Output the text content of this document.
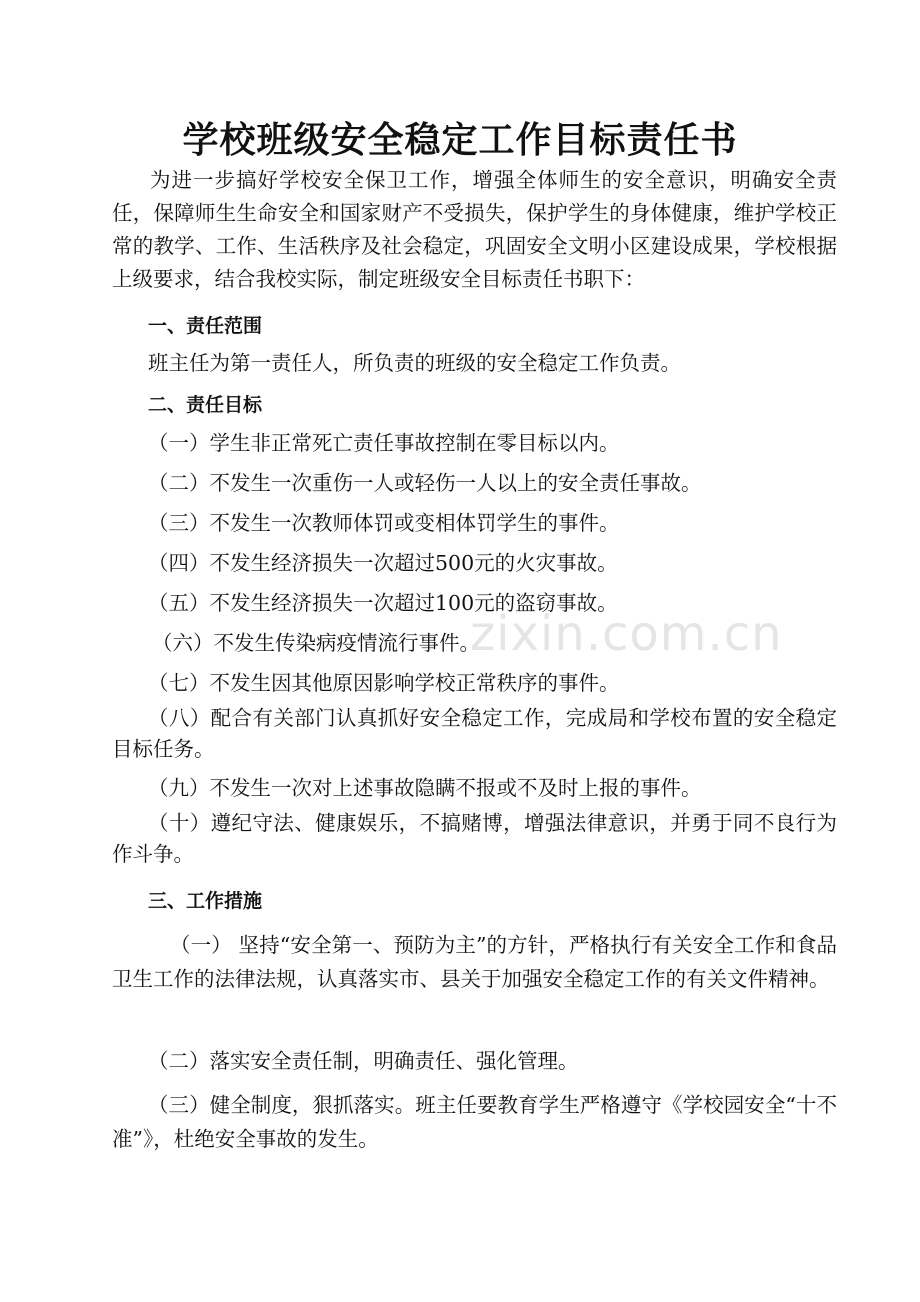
学校班级安全稳定工作目标责任书

为进一步搞好学校安全保卫工作，增强全体师生的安全意识，明确安全责任，保障师生生命安全和国家财产不受损失，保护学生的身体健康，维护学校正常的教学、工作、生活秩序及社会稳定，巩固安全文明小区建设成果，学校根据上级要求，结合我校实际，制定班级安全目标责任书职下：

一、责任范围
班主任为第一责任人，所负责的班级的安全稳定工作负责。
二、责任目标
（一）学生非正常死亡责任事故控制在零目标以内。
（二）不发生一次重伤一人或轻伤一人以上的安全责任事故。
（三）不发生一次教师体罚或变相体罚学生的事件。
（四）不发生经济损失一次超过500元的火灾事故。
（五）不发生经济损失一次超过100元的盗窃事故。
（六）不发生传染病疫情流行事件。
（七）不发生因其他原因影响学校正常秩序的事件。

（八）配合有关部门认真抓好安全稳定工作，完成局和学校布置的安全稳定目标任务。

（九）不发生一次对上述事故隐瞒不报或不及时上报的事件。

（十）遵纪守法、健康娱乐，不搞赌博，增强法律意识，并勇于同不良行为作斗争。

三、工作措施

（一） 坚持“安全第一、预防为主”的方针，严格执行有关安全工作和食品卫生工作的法律法规，认真落实市、县关于加强安全稳定工作的有关文件精神。

（二）落实安全责任制，明确责任、强化管理。

（三）健全制度，狠抓落实。班主任要教育学生严格遵守《学校园安全“十不准”》，杜绝安全事故的发生。

zixin.com.cn
